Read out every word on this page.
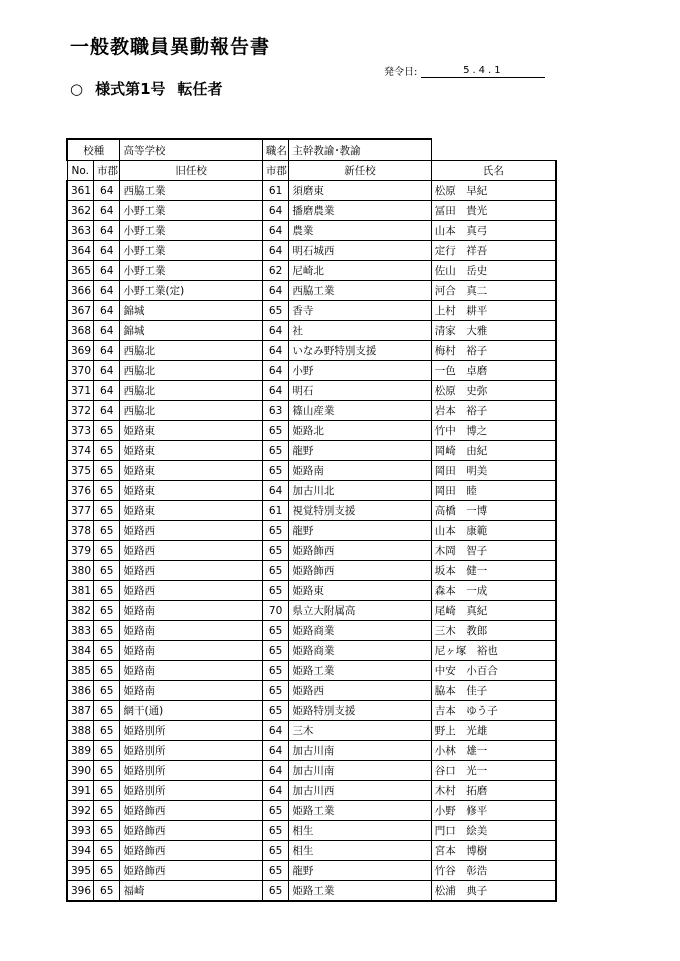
一般教職員異動報告書
○ 様式第1号 転任者
発令日:	5.4.1
校種		高等学校	職名	主幹教諭･教諭	
No.	市郡	旧任校	市郡	新任校	氏名
361	64	西脇工業	61	須磨東	松原　早紀
362	64	小野工業	64	播磨農業	冨田　貴光
363	64	小野工業	64	農業	山本　真弓
364	64	小野工業	64	明石城西	定行　祥吾
365	64	小野工業	62	尼崎北	佐山　岳史
366	64	小野工業(定)	64	西脇工業	河合　真二
367	64	錦城	65	香寺	上村　耕平
368	64	錦城	64	社	清家　大雅
369	64	西脇北	64	いなみ野特別支援	梅村　裕子
370	64	西脇北	64	小野	一色　卓磨
371	64	西脇北	64	明石	松原　史弥
372	64	西脇北	63	篠山産業	岩本　裕子
373	65	姫路東	65	姫路北	竹中　博之
374	65	姫路東	65	龍野	岡崎　由紀
375	65	姫路東	65	姫路南	岡田　明美
376	65	姫路東	64	加古川北	岡田　睦
377	65	姫路東	61	視覚特別支援	高橋　一博
378	65	姫路西	65	龍野	山本　康範
379	65	姫路西	65	姫路飾西	木岡　智子
380	65	姫路西	65	姫路飾西	坂本　健一
381	65	姫路西	65	姫路東	森本　一成
382	65	姫路南	70	県立大附属高	尾崎　真紀
383	65	姫路南	65	姫路商業	三木　教郎
384	65	姫路南	65	姫路商業	尼ヶ塚　裕也
385	65	姫路南	65	姫路工業	中安　小百合
386	65	姫路南	65	姫路西	脇本　佳子
387	65	網干(通)	65	姫路特別支援	吉本　ゆう子
388	65	姫路別所	64	三木	野上　光雄
389	65	姫路別所	64	加古川南	小林　雄一
390	65	姫路別所	64	加古川南	谷口　光一
391	65	姫路別所	64	加古川西	木村　拓磨
392	65	姫路飾西	65	姫路工業	小野　修平
393	65	姫路飾西	65	相生	門口　絵美
394	65	姫路飾西	65	相生	宮本　博樹
395	65	姫路飾西	65	龍野	竹谷　彰浩
396	65	福崎	65	姫路工業	松浦　典子
